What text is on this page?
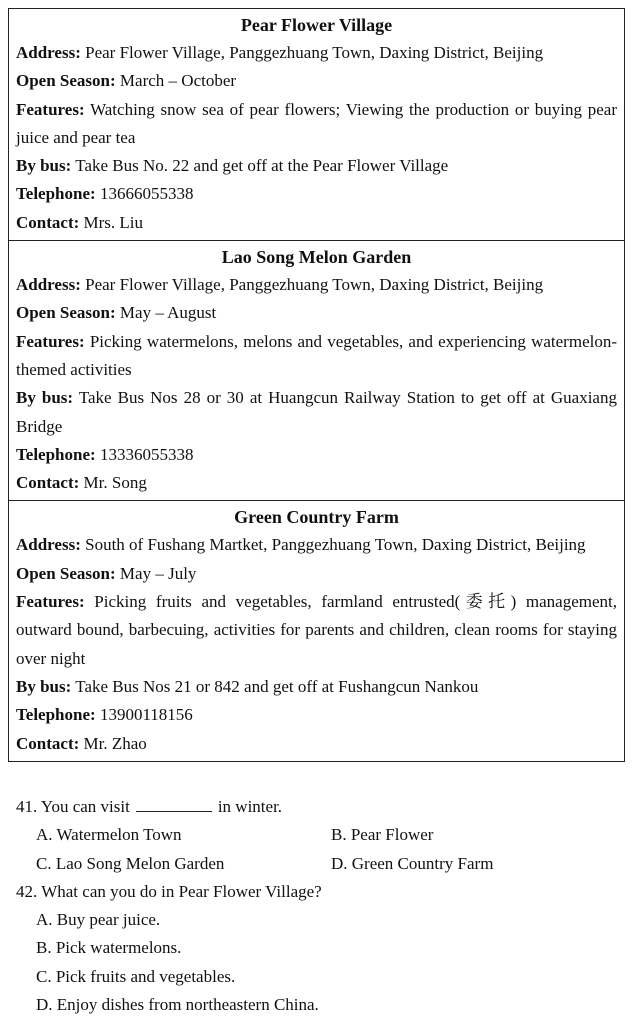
Pear Flower Village
Address: Pear Flower Village, Panggezhuang Town, Daxing District, Beijing
Open Season: March – October
Features: Watching snow sea of pear flowers; Viewing the production or buying pear juice and pear tea
By bus: Take Bus No. 22 and get off at the Pear Flower Village
Telephone: 13666055338
Contact: Mrs. Liu
Lao Song Melon Garden
Address: Pear Flower Village, Panggezhuang Town, Daxing District, Beijing
Open Season: May – August
Features: Picking watermelons, melons and vegetables, and experiencing watermelon-themed activities
By bus: Take Bus Nos 28 or 30 at Huangcun Railway Station to get off at Guaxiang Bridge
Telephone: 13336055338
Contact: Mr. Song
Green Country Farm
Address: South of Fushang Martket, Panggezhuang Town, Daxing District, Beijing
Open Season: May – July
Features: Picking fruits and vegetables, farmland entrusted(委托) management, outward bound, barbecuing, activities for parents and children, clean rooms for staying over night
By bus: Take Bus Nos 21 or 842 and get off at Fushangcun Nankou
Telephone: 13900118156
Contact: Mr. Zhao
41. You can visit	in winter.
A. Watermelon Town	B. Pear Flower
C. Lao Song Melon Garden	D. Green Country Farm
42. What can you do in Pear Flower Village?
A. Buy pear juice.
B. Pick watermelons.
C. Pick fruits and vegetables.
D. Enjoy dishes from northeastern China.
